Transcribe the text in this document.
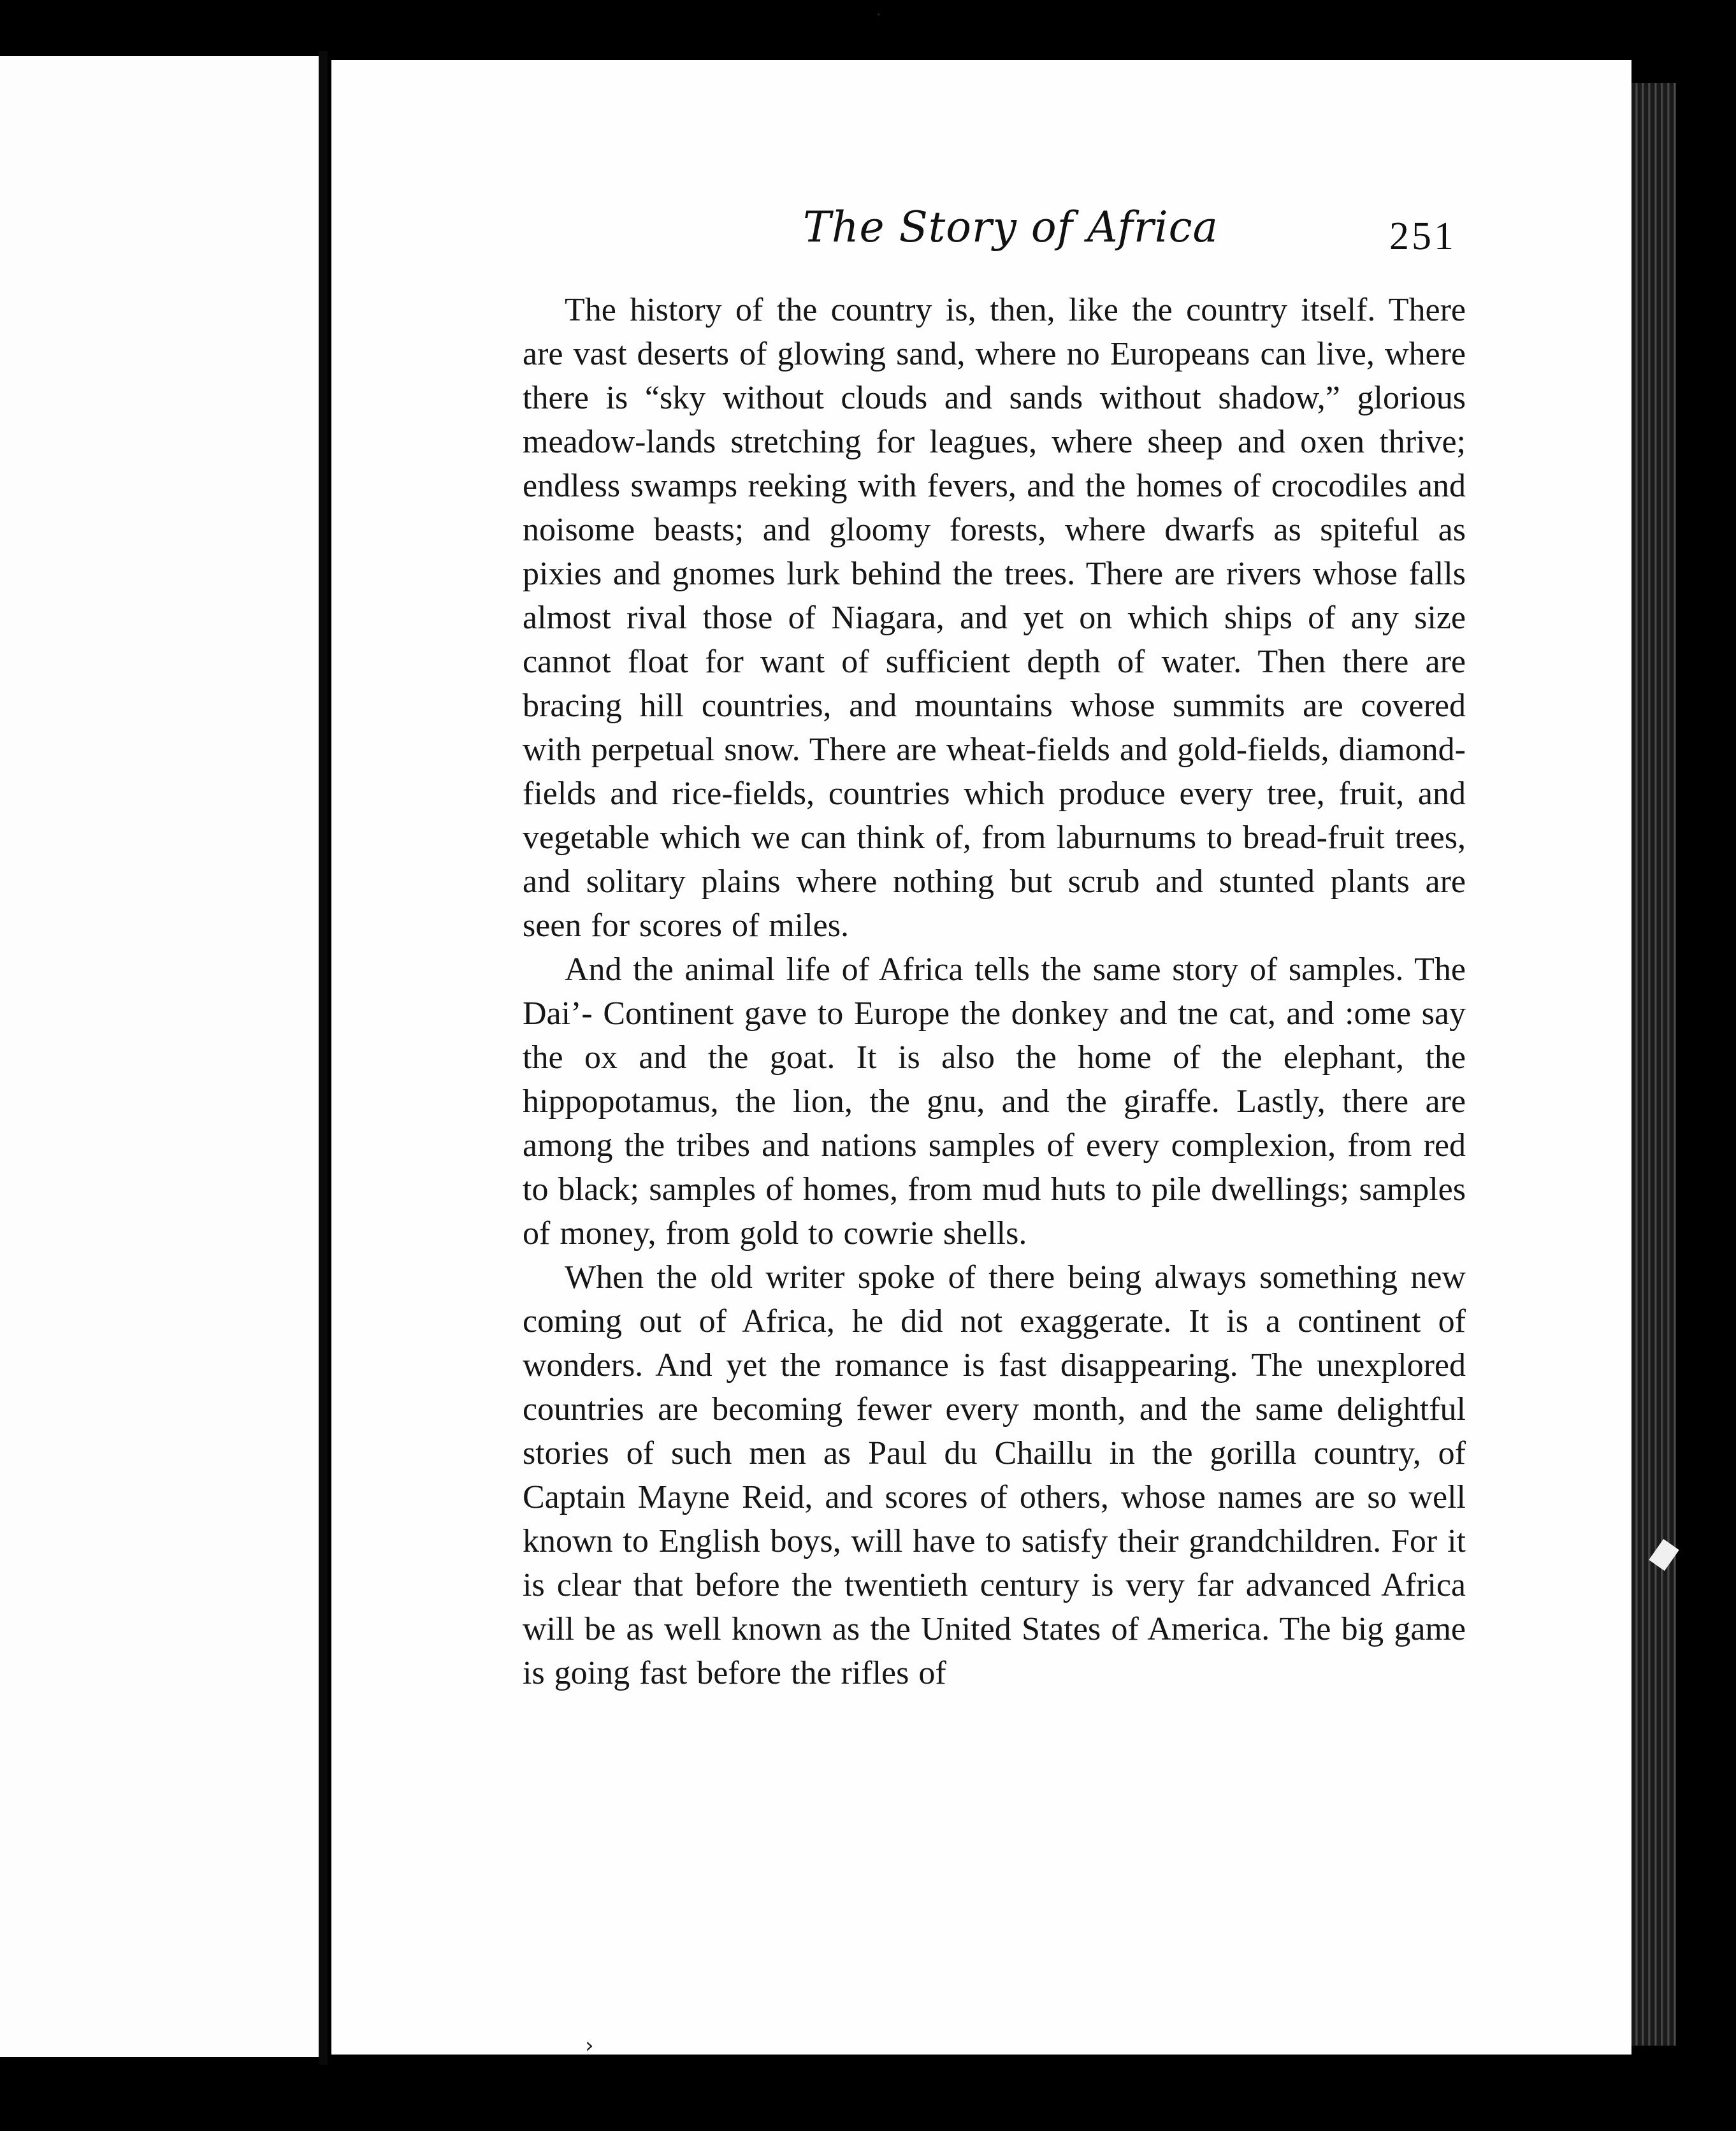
·
The Story of Africa	251

The history of the country is, then, like the country itself. There are vast deserts of glowing sand, where no Europeans can live, where there is “sky without clouds and sands without shadow,” glorious meadow-lands stretching for leagues, where sheep and oxen thrive; endless swamps reeking with fevers, and the homes of crocodiles and noisome beasts; and gloomy forests, where dwarfs as spiteful as pixies and gnomes lurk behind the trees. There are rivers whose falls almost rival those of Niagara, and yet on which ships of any size cannot float for want of sufficient depth of water. Then there are bracing hill countries, and mountains whose summits are covered with perpetual snow. There are wheat-fields and gold-fields, diamond-fields and rice-fields, countries which produce every tree, fruit, and vegetable which we can think of, from laburnums to bread-fruit trees, and solitary plains where nothing but scrub and stunted plants are seen for scores of miles.

And the animal life of Africa tells the same story of samples. The Dai’- Continent gave to Europe the donkey and tne cat, and :ome say the ox and the goat. It is also the home of the elephant, the hippopotamus, the lion, the gnu, and the giraffe. Lastly, there are among the tribes and nations samples of every complexion, from red to black; samples of homes, from mud huts to pile dwellings; samples of money, from gold to cowrie shells.

When the old writer spoke of there being always something new coming out of Africa, he did not exaggerate. It is a continent of wonders. And yet the romance is fast disappearing. The unexplored countries are becoming fewer every month, and the same delightful stories of such men as Paul du Chaillu in the gorilla country, of Captain Mayne Reid, and scores of others, whose names are so well known to English boys, will have to satisfy their grandchildren. For it is clear that before the twentieth century is very far advanced Africa will be as well known as the United States of America. The big game is going fast before the rifles of

›
